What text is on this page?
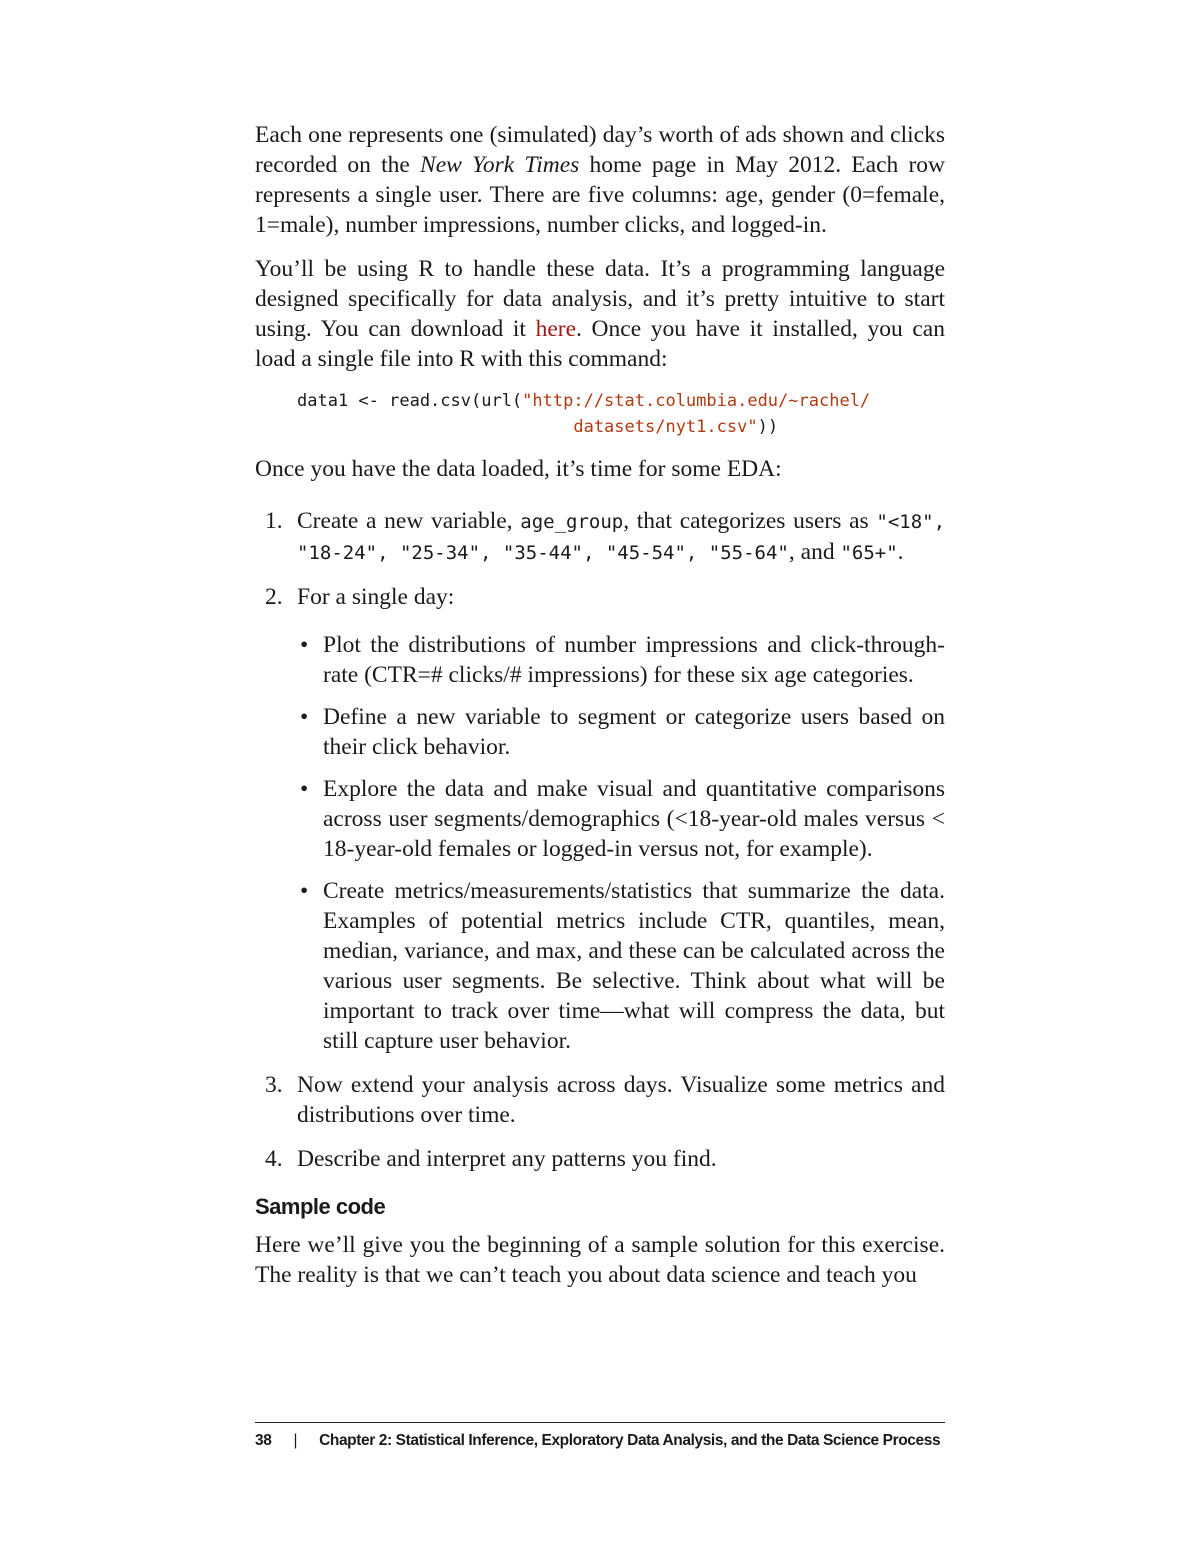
Each one represents one (simulated) day’s worth of ads shown and clicks recorded on the New York Times home page in May 2012. Each row represents a single user. There are five columns: age, gender (0=female, 1=male), number impressions, number clicks, and logged-in.

You’ll be using R to handle these data. It’s a programming language designed specifically for data analysis, and it’s pretty intuitive to start using. You can download it here. Once you have it installed, you can load a single file into R with this command:

data1 <- read.csv(url("http://stat.columbia.edu/~rachel/
datasets/nyt1.csv"))

Once you have the data loaded, it’s time for some EDA:

1. Create a new variable, age_group, that categorizes users as "<18", "18-24", "25-34", "35-44", "45-54", "55-64", and "65+".
2. For a single day:
• Plot the distributions of number impressions and click-through-rate (CTR=# clicks/# impressions) for these six age categories.
• Define a new variable to segment or categorize users based on their click behavior.
• Explore the data and make visual and quantitative comparisons across user segments/demographics (<18-year-old males versus < 18-year-old females or logged-in versus not, for example).
• Create metrics/measurements/statistics that summarize the data. Examples of potential metrics include CTR, quantiles, mean, median, variance, and max, and these can be calculated across the various user segments. Be selective. Think about what will be important to track over time—what will compress the data, but still capture user behavior.
3. Now extend your analysis across days. Visualize some metrics and distributions over time.
4. Describe and interpret any patterns you find.
Sample code

Here we’ll give you the beginning of a sample solution for this exercise. The reality is that we can’t teach you about data science and teach you

38 | Chapter 2: Statistical Inference, Exploratory Data Analysis, and the Data Science Process
